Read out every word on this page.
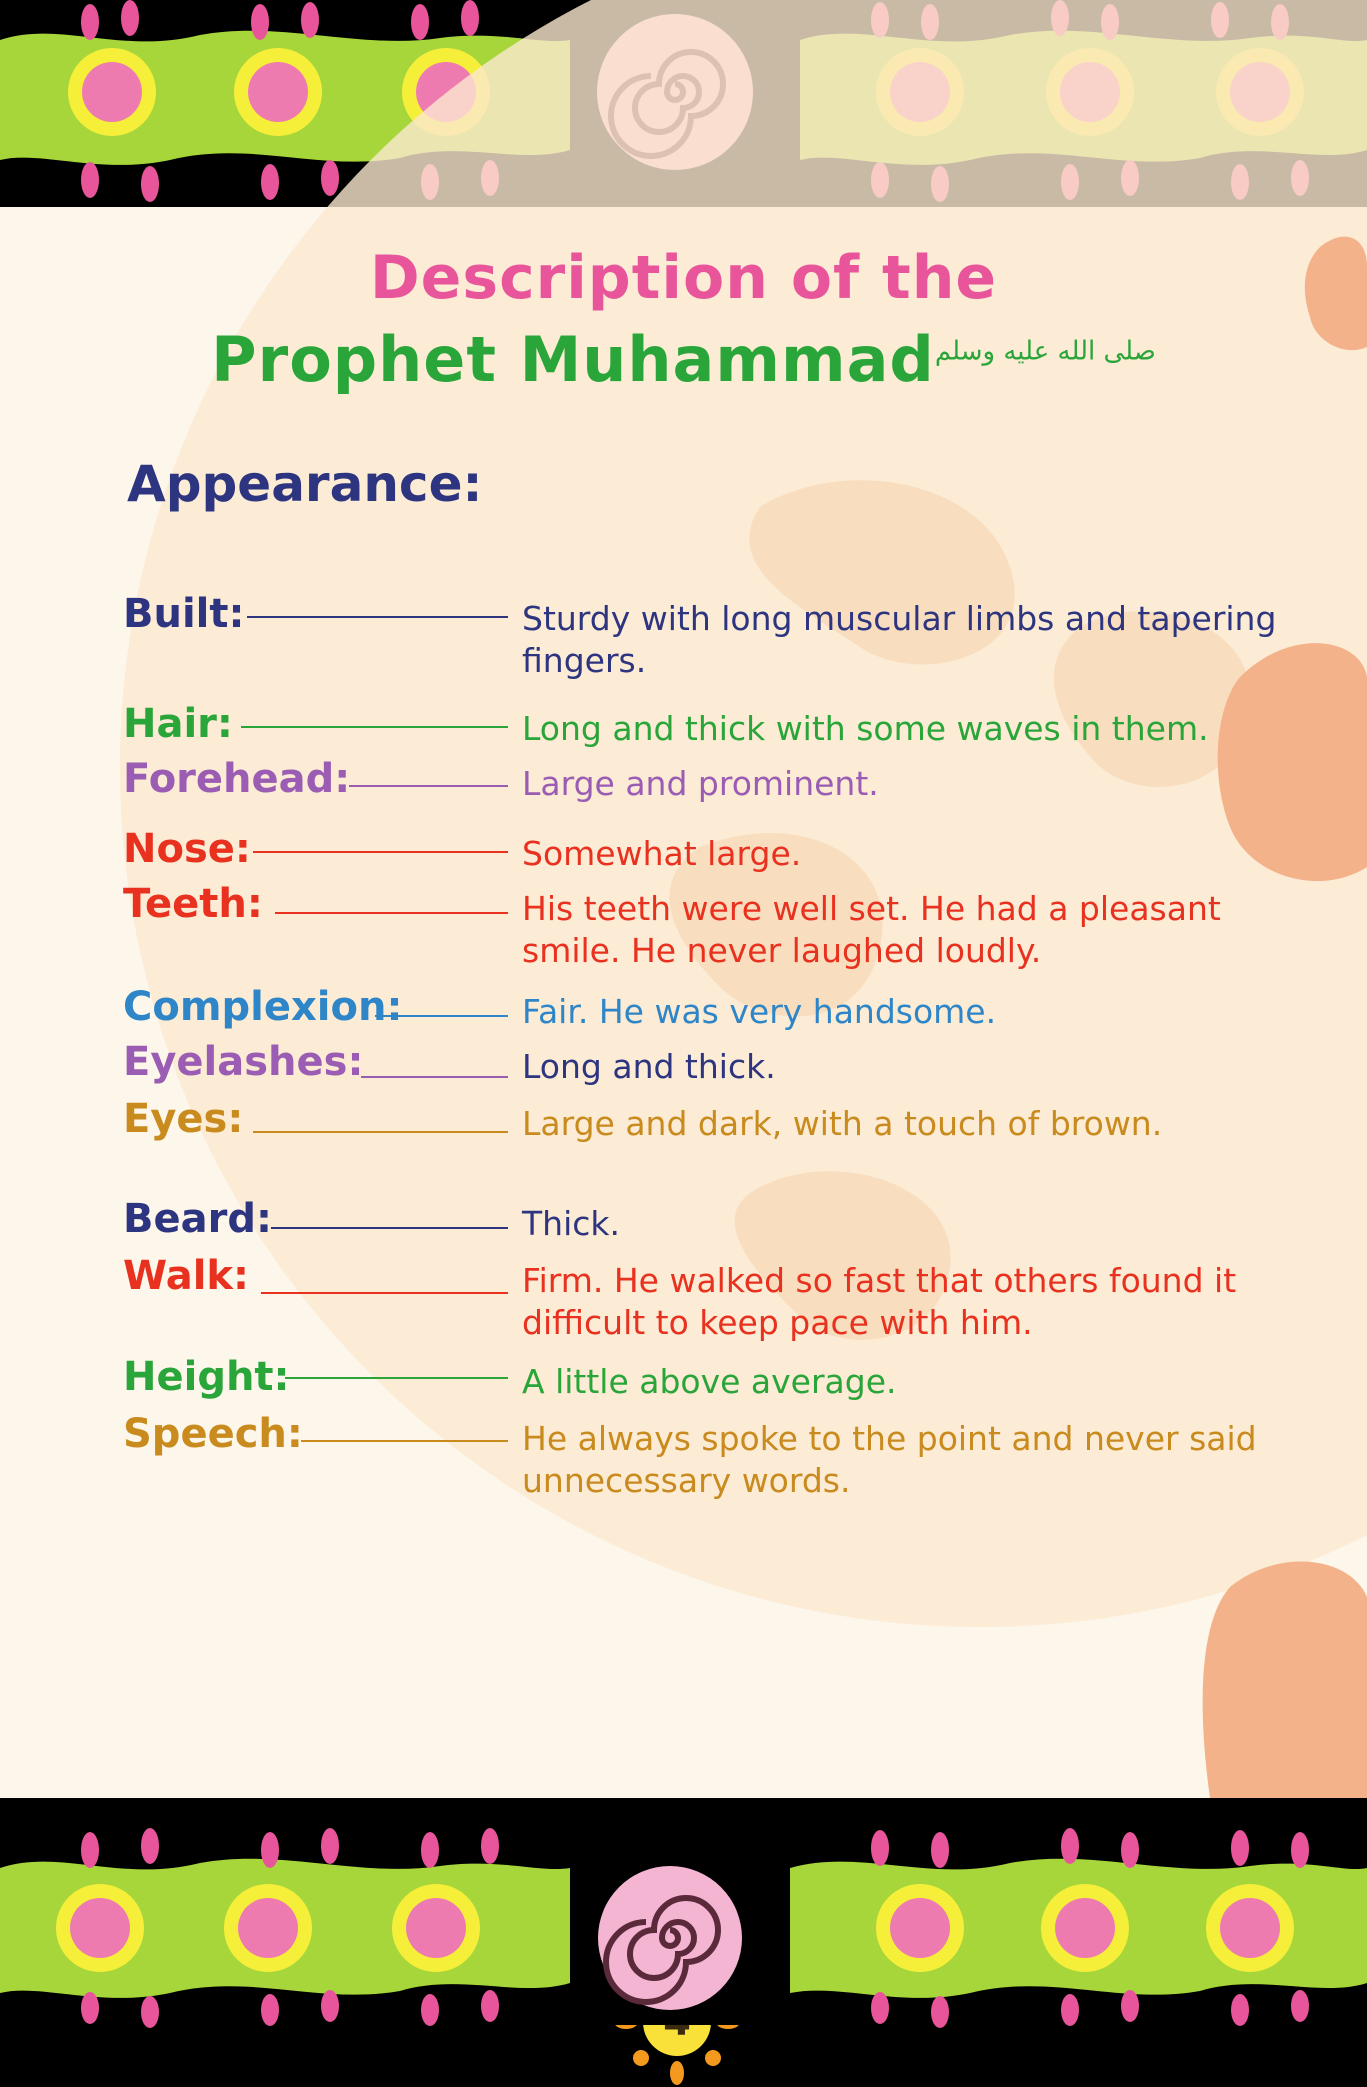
Description of the
Prophet Muhammad$^{صلى الله عليه وسلم}$
Appearance:
Built:	Sturdy with long muscular limbs and tapering fingers.
Hair:	Long and thick with some waves in them.
Forehead:	Large and prominent.
Nose:	Somewhat large.
Teeth:	His teeth were well set. He had a pleasant smile. He never laughed loudly.
Complexion:	Fair. He was very handsome.
Eyelashes:	Long and thick.
Eyes:	Large and dark, with a touch of brown.
Beard:	Thick.
Walk:	Firm. He walked so fast that others found it difficult to keep pace with him.
Height:	A little above average.
Speech:	He always spoke to the point and never said unnecessary words.
